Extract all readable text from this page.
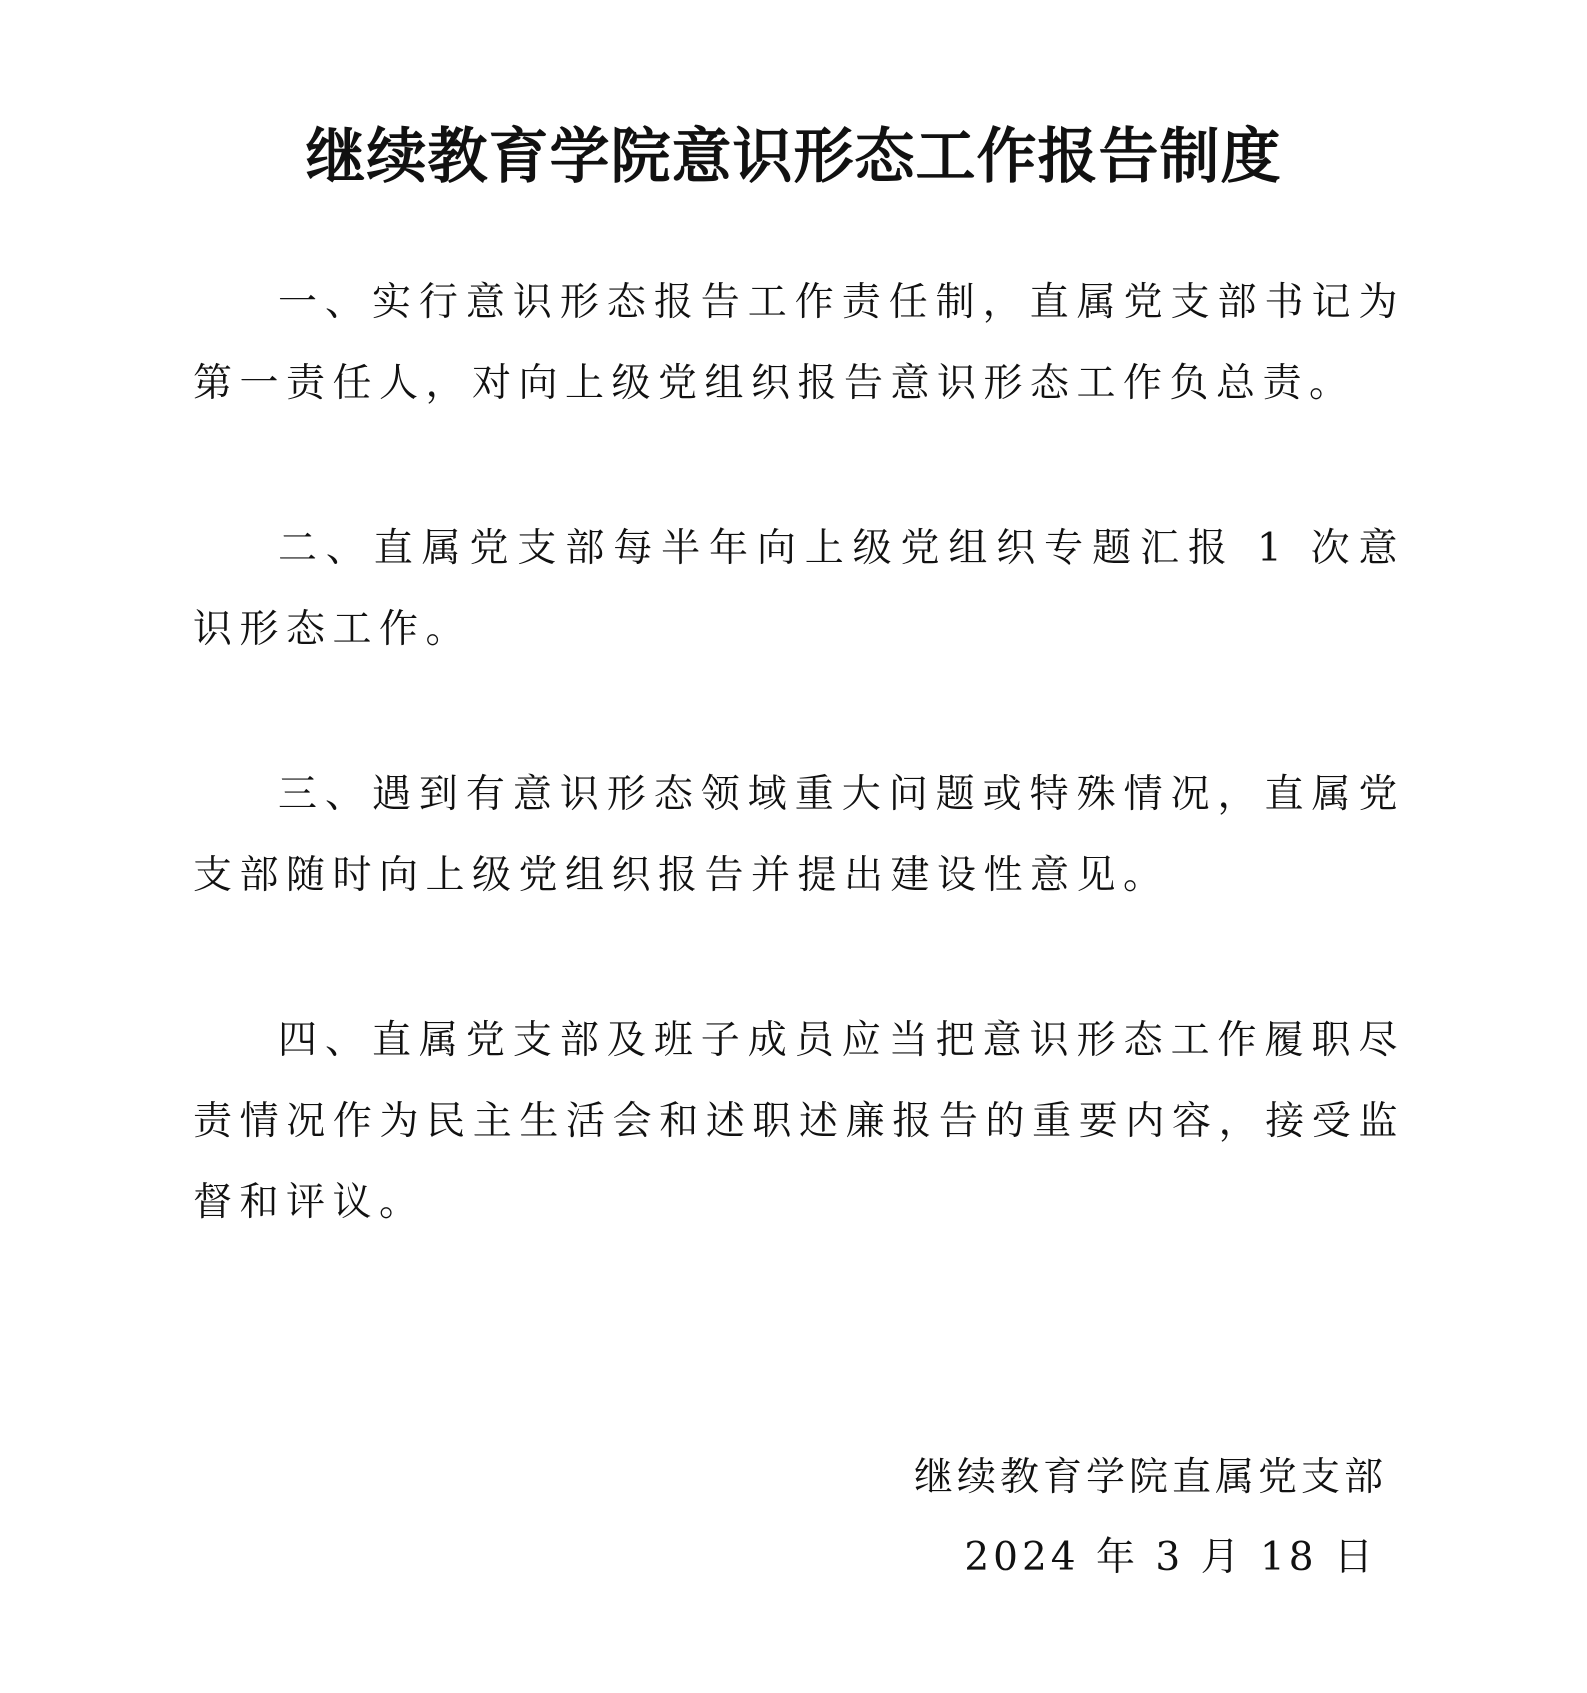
继续教育学院意识形态工作报告制度

一、实行意识形态报告工作责任制，直属党支部书记为第一责任人，对向上级党组织报告意识形态工作负总责。

二、直属党支部每半年向上级党组织专题汇报 1 次意识形态工作。

三、遇到有意识形态领域重大问题或特殊情况，直属党支部随时向上级党组织报告并提出建设性意见。

四、直属党支部及班子成员应当把意识形态工作履职尽责情况作为民主生活会和述职述廉报告的重要内容，接受监督和评议。

继续教育学院直属党支部
2024 年 3 月 18 日
